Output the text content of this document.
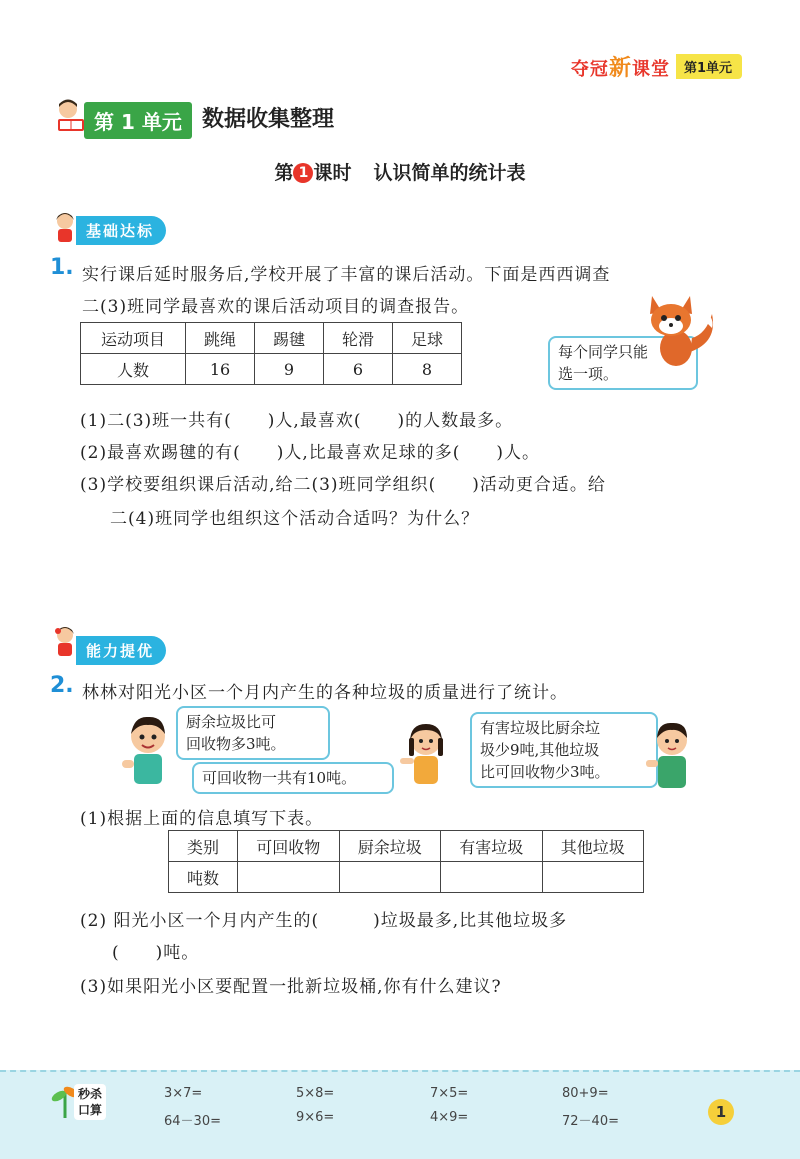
夺冠新课堂	第1单元
第 1 单元 数据收集整理
第 1 课时 认识简单的统计表
基础达标
1. 实行课后延时服务后,学校开展了丰富的课后活动。下面是西西调查
二(3)班同学最喜欢的课后活动项目的调查报告。
运动项目	跳绳	踢毽	轮滑	足球
人数	16	9	6	8
每个同学只能
选一项。
(1)二(3)班一共有(　　)人,最喜欢(　　)的人数最多。
(2)最喜欢踢毽的有(　　)人,比最喜欢足球的多(　　)人。
(3)学校要组织课后活动,给二(3)班同学组织(　　)活动更合适。给
二(4)班同学也组织这个活动合适吗？为什么？
能力提优
2. 林林对阳光小区一个月内产生的各种垃圾的质量进行了统计。
厨余垃圾比可
回收物多3吨。
可回收物一共有10吨。
有害垃圾比厨余垃
圾少9吨,其他垃圾
比可回收物少3吨。
(1)根据上面的信息填写下表。
类别	可回收物	厨余垃圾	有害垃圾	其他垃圾
吨数				
(2) 阳光小区一个月内产生的(　　　)垃圾最多,比其他垃圾多
(　　)吨。
(3)如果阳光小区要配置一批新垃圾桶,你有什么建议?
秒杀
口算
3×7=	5×8=	7×5=	80+9=
64－30=	9×6=	4×9=	72－40=
1
